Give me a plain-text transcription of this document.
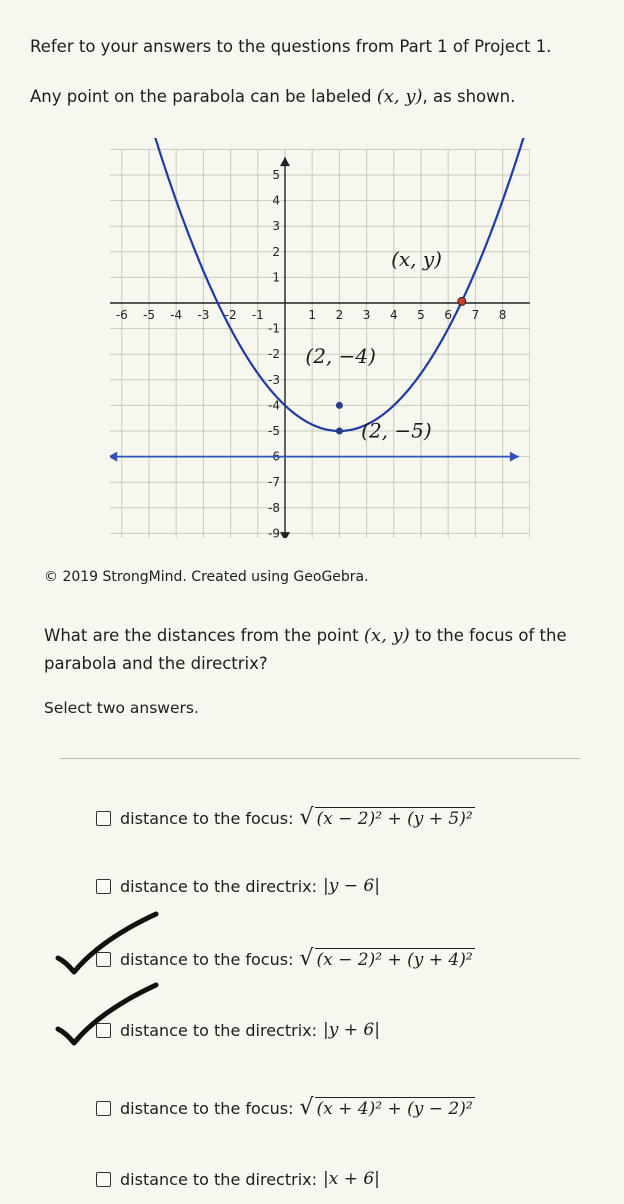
Refer to your answers to the questions from Part 1 of Project 1.
Any point on the parabola can be labeled (x, y), as shown.
-6 -5 -4 -3 -2 -1	1 2 3 4 5 6 7 8
5
4
3
2
1
-1
-2
-3
-4
-5
-6
-7
-8
-9
(x, y)
(2, −4)
(2, −5)
© 2019 StrongMind. Created using GeoGebra.
What are the distances from the point (x, y) to the focus of the
parabola and the directrix?
Select two answers.
distance to the focus: √ (x − 2)² + (y + 5)²
distance to the directrix: |y − 6|
distance to the focus: √ (x − 2)² + (y + 4)²
distance to the directrix: |y + 6|
distance to the focus: √ (x + 4)² + (y − 2)²
distance to the directrix: |x + 6|
